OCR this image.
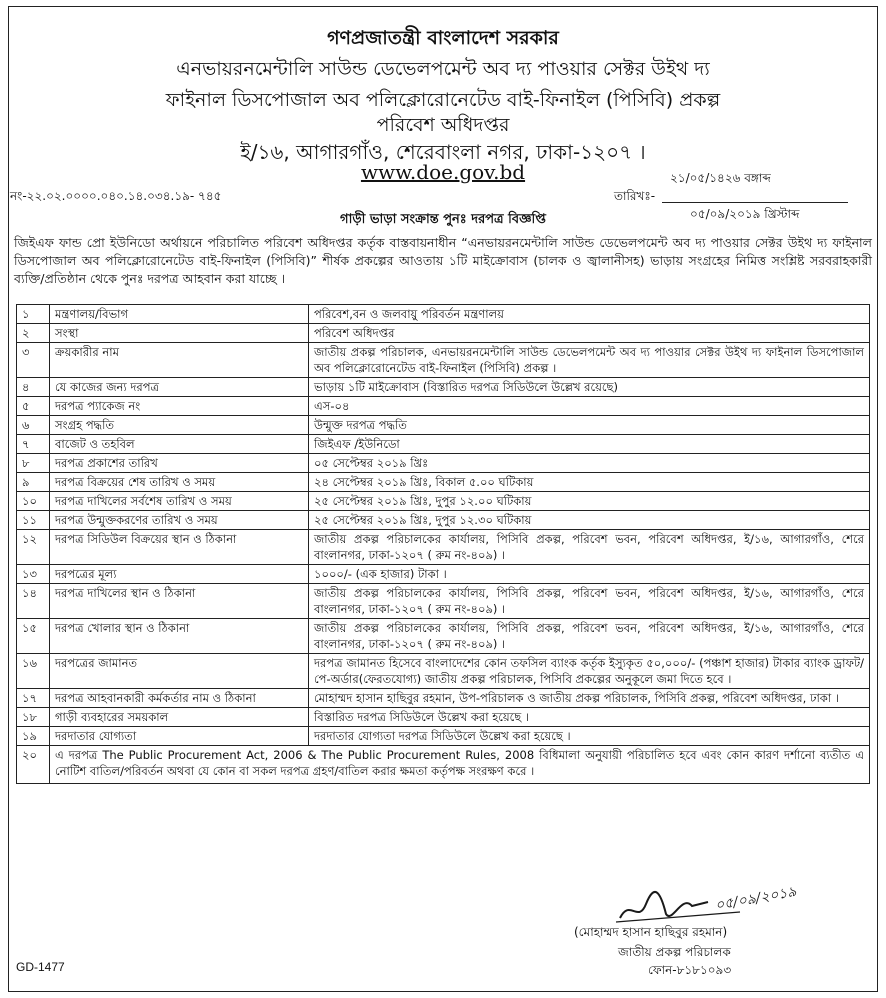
গণপ্রজাতন্ত্রী বাংলাদেশ সরকার
এনভায়রনমেন্টালি সাউন্ড ডেভেলপমেন্ট অব দ্য পাওয়ার সেক্টর উইথ দ্য
ফাইনাল ডিসপোজাল অব পলিক্লোরোনেটেড বাই-ফিনাইল (পিসিবি) প্রকল্প
পরিবেশ অধিদপ্তর
ই/১৬, আগারগাঁও, শেরেবাংলা নগর, ঢাকা-১২০৭ ।
www.doe.gov.bd	২১/০৫/১৪২৬ বঙ্গাব্দ
নং-২২.০২.০০০০.০৪০.১৪.০৩৪.১৯- ৭৪৫	তারিখঃ-
০৫/০৯/২০১৯ খ্রিস্টাব্দ
গাড়ী ভাড়া সংক্রান্ত পুনঃ দরপত্র বিজ্ঞপ্তি
জিইএফ ফান্ড প্রো ইউনিডো অর্থায়নে পরিচালিত পরিবেশ অধিদপ্তর কর্তৃক বাস্তবায়নাধীন “এনভায়রনমেন্টালি সাউন্ড ডেভেলপমেন্ট অব দ্য পাওয়ার সেক্টর উইথ দ্য ফাইনাল ডিসপোজাল অব পলিক্লোরোনেটেড বাই-ফিনাইল (পিসিবি)” শীর্ষক প্রকল্পের আওতায় ১টি মাইক্রোবাস (চালক ও জ্বালানীসহ) ভাড়ায় সংগ্রহের নিমিত্ত সংশ্লিষ্ট সরবরাহকারী ব্যক্তি/প্রতিষ্ঠান থেকে পুনঃ দরপত্র আহবান করা যাচ্ছে ।
১	মন্ত্রণালয়/বিভাগ	পরিবেশ,বন ও জলবায়ু পরিবর্তন মন্ত্রণালয়
২	সংস্থা	পরিবেশ অধিদপ্তর
৩	ক্রয়কারীর নাম	জাতীয় প্রকল্প পরিচালক, এনভায়রনমেন্টালি সাউন্ড ডেভেলপমেন্ট অব দ্য পাওয়ার সেক্টর উইথ দ্য ফাইনাল ডিসপোজাল অব পলিক্লোরোনেটেড বাই-ফিনাইল (পিসিবি) প্রকল্প ।
৪	যে কাজের জন্য দরপত্র	ভাড়ায় ১টি মাইক্রোবাস (বিস্তারিত দরপত্র সিডিউলে উল্লেখ রয়েছে)
৫	দরপত্র প্যাকেজ নং	এস-০৪
৬	সংগ্রহ পদ্ধতি	উন্মুক্ত দরপত্র পদ্ধতি
৭	বাজেট ও তহবিল	জিইএফ /ইউনিডো
৮	দরপত্র প্রকাশের তারিখ	০৫ সেপ্টেম্বর ২০১৯ খ্রিঃ
৯	দরপত্র বিক্রয়ের শেষ তারিখ ও সময়	২৪ সেপ্টেম্বর ২০১৯ খ্রিঃ, বিকাল ৫.০০ ঘটিকায়
১০	দরপত্র দাখিলের সর্বশেষ তারিখ ও সময়	২৫ সেপ্টেম্বর ২০১৯ খ্রিঃ, দুপুর ১২.০০ ঘটিকায়
১১	দরপত্র উন্মুক্তকরণের তারিখ ও সময়	২৫ সেপ্টেম্বর ২০১৯ খ্রিঃ, দুপুর ১২.৩০ ঘটিকায়
১২	দরপত্র সিডিউল বিক্রয়ের স্থান ও ঠিকানা	জাতীয় প্রকল্প পরিচালকের কার্যালয়, পিসিবি প্রকল্প, পরিবেশ ভবন, পরিবেশ অধিদপ্তর, ই/১৬, আগারগাঁও, শেরে বাংলানগর, ঢাকা-১২০৭ ( রুম নং-৪০৯) ।
১৩	দরপত্রের মূল্য	১০০০/- (এক হাজার) টাকা ।
১৪	দরপত্র দাখিলের স্থান ও ঠিকানা	জাতীয় প্রকল্প পরিচালকের কার্যালয়, পিসিবি প্রকল্প, পরিবেশ ভবন, পরিবেশ অধিদপ্তর, ই/১৬, আগারগাঁও, শেরে বাংলানগর, ঢাকা-১২০৭ ( রুম নং-৪০৯) ।
১৫	দরপত্র খোলার স্থান ও ঠিকানা	জাতীয় প্রকল্প পরিচালকের কার্যালয়, পিসিবি প্রকল্প, পরিবেশ ভবন, পরিবেশ অধিদপ্তর, ই/১৬, আগারগাঁও, শেরে বাংলানগর, ঢাকা-১২০৭ ( রুম নং-৪০৯) ।
১৬	দরপত্রের জামানত	দরপত্র জামানত হিসেবে বাংলাদেশের কোন তফসিল ব্যাংক কর্তৃক ইস্যুকৃত ৫০,০০০/- (পঞ্চাশ হাজার) টাকার ব্যাংক ড্রাফট/পে-অর্ডার(ফেরতযোগ্য) জাতীয় প্রকল্প পরিচালক, পিসিবি প্রকল্পের অনুকূলে জমা দিতে হবে ।
১৭	দরপত্র আহবানকারী কর্মকর্তার নাম ও ঠিকানা	মোহাম্মদ হাসান হাছিবুর রহমান, উপ-পরিচালক ও জাতীয় প্রকল্প পরিচালক, পিসিবি প্রকল্প, পরিবেশ অধিদপ্তর, ঢাকা ।
১৮	গাড়ী ব্যবহারের সময়কাল	বিস্তারিত দরপত্র সিডিউলে উল্লেখ করা হয়েছে ।
১৯	দরদাতার যোগ্যতা	দরদাতার যোগ্যতা দরপত্র সিডিউলে উল্লেখ করা হয়েছে ।
২০	এ দরপত্র The Public Procurement Act, 2006 & The Public Procurement Rules, 2008 বিধিমালা অনুযায়ী পরিচালিত হবে এবং কোন কারণ দর্শানো ব্যতীত এ নোটিশ বাতিল/পরিবর্তন অথবা যে কোন বা সকল দরপত্র গ্রহণ/বাতিল করার ক্ষমতা কর্তৃপক্ষ সংরক্ষণ করে ।	
০৫/০৯/২০১৯
(মোহাম্মদ হাসান হাছিবুর রহমান)
জাতীয় প্রকল্প পরিচালক
ফোন-৮১৮১০৯৩
GD-1477
